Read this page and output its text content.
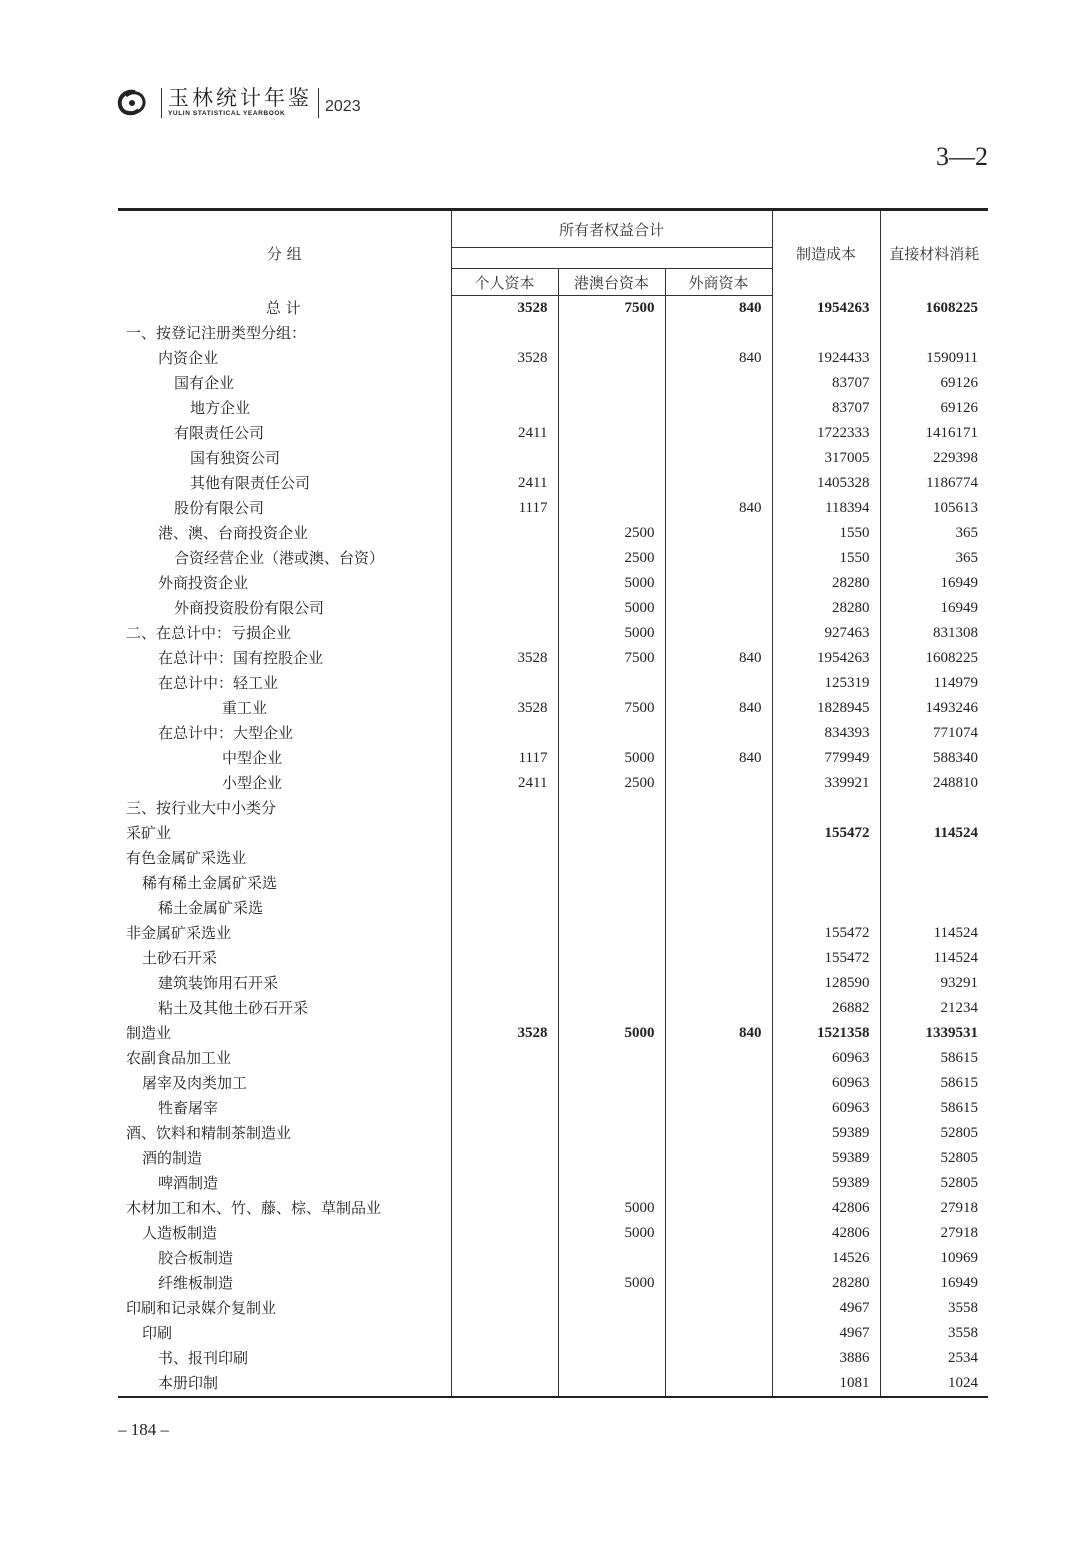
玉林统计年鉴
YULIN STATISTICAL YEARBOOK	2023
3—2
分 组	所有者权益合计			制造成本	直接材料消耗

	个人资本	港澳台资本	外商资本		
总 计	3528	7500	840	1954263	1608225
一、按登记注册类型分组：					
内资企业	3528		840	1924433	1590911
国有企业				83707	69126
地方企业				83707	69126
有限责任公司	2411			1722333	1416171
国有独资公司				317005	229398
其他有限责任公司	2411			1405328	1186774
股份有限公司	1117		840	118394	105613
港、澳、台商投资企业		2500		1550	365
合资经营企业（港或澳、台资）		2500		1550	365
外商投资企业		5000		28280	16949
外商投资股份有限公司		5000		28280	16949
二、在总计中：亏损企业		5000		927463	831308
在总计中：国有控股企业	3528	7500	840	1954263	1608225
在总计中：轻工业				125319	114979
重工业	3528	7500	840	1828945	1493246
在总计中：大型企业				834393	771074
中型企业	1117	5000	840	779949	588340
小型企业	2411	2500		339921	248810
三、按行业大中小类分					
采矿业				155472	114524
有色金属矿采选业					
稀有稀土金属矿采选					
稀土金属矿采选					
非金属矿采选业				155472	114524
土砂石开采				155472	114524
建筑装饰用石开采				128590	93291
粘土及其他土砂石开采				26882	21234
制造业	3528	5000	840	1521358	1339531
农副食品加工业				60963	58615
屠宰及肉类加工				60963	58615
牲畜屠宰				60963	58615
酒、饮料和精制茶制造业				59389	52805
酒的制造				59389	52805
啤酒制造				59389	52805
木材加工和木、竹、藤、棕、草制品业		5000		42806	27918
人造板制造		5000		42806	27918
胶合板制造				14526	10969
纤维板制造		5000		28280	16949
印刷和记录媒介复制业				4967	3558
印刷				4967	3558
书、报刊印刷				3886	2534
本册印制				1081	1024
– 184 –
